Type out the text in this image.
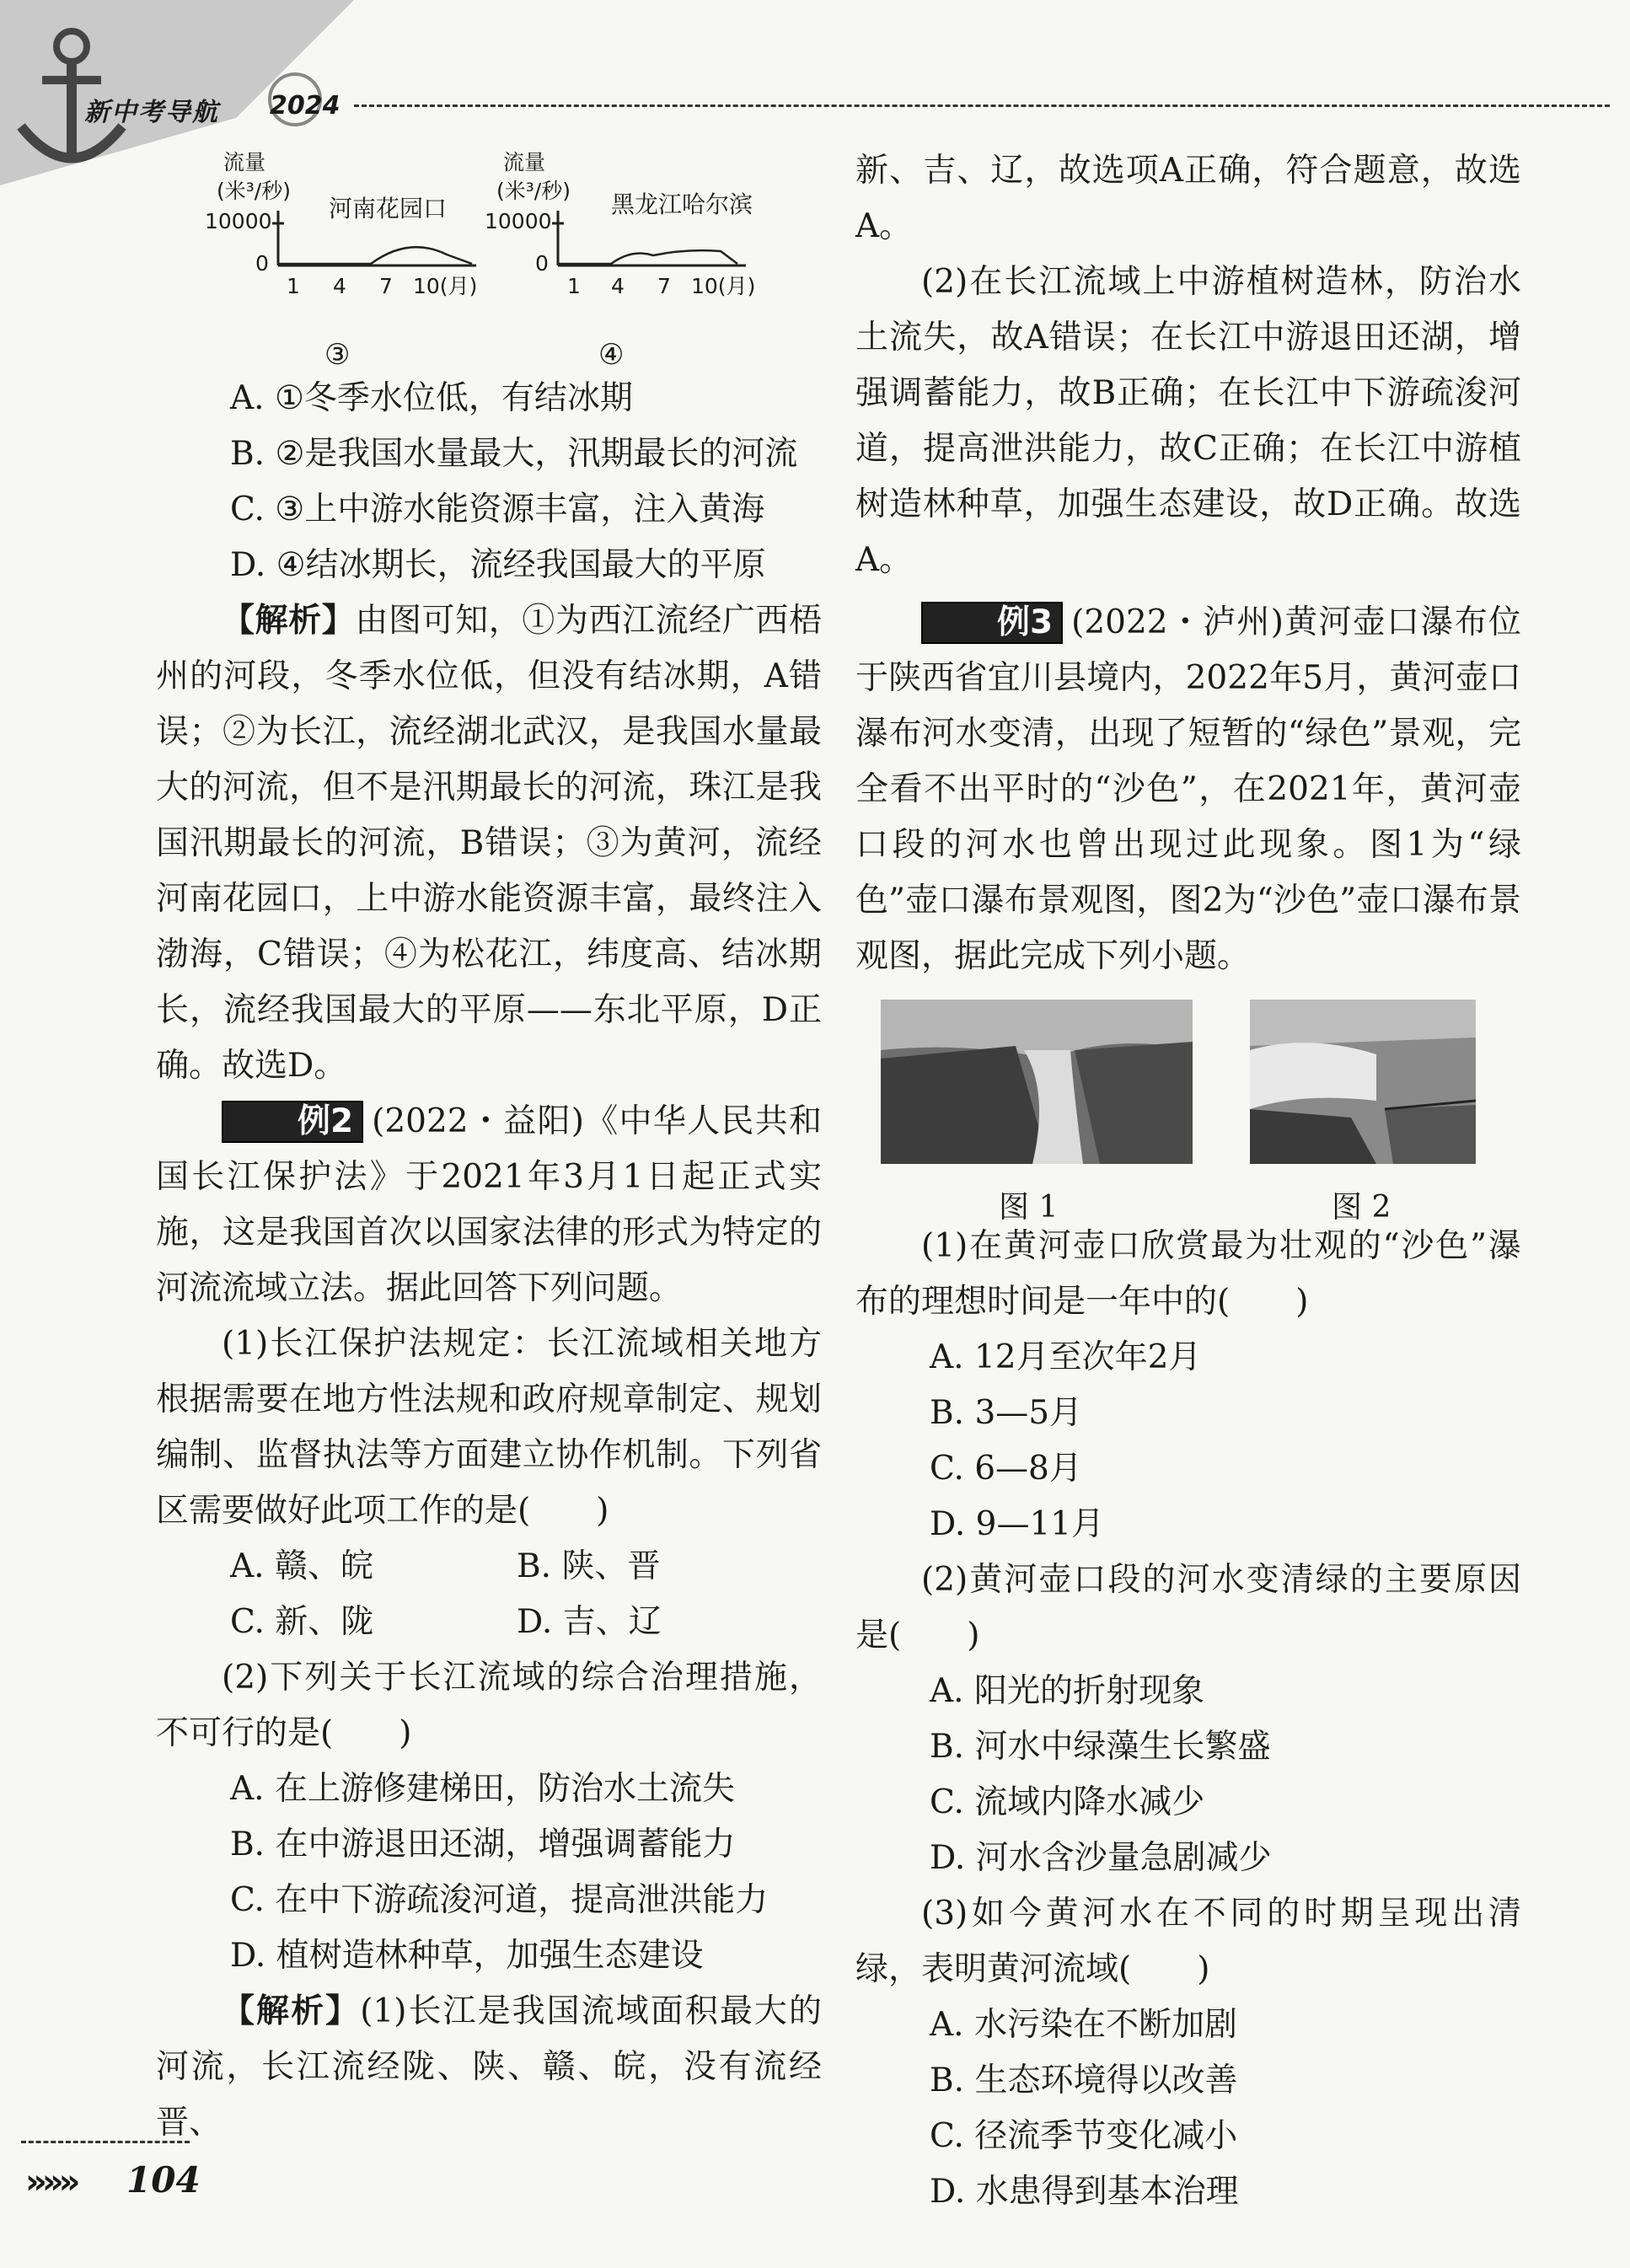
新中考导航 2024
流量
(米³/秒)
河南花园口
10000
0
1 4 7 10(月)
③
流量
(米³/秒) 黑龙江哈尔滨
10000
0
1 4 7 10(月)
④

A. ①冬季水位低，有结冰期

B. ②是我国水量最大，汛期最长的河流

C. ③上中游水能资源丰富，注入黄海

D. ④结冰期长，流经我国最大的平原

【解析】由图可知，①为西江流经广西梧州的河段，冬季水位低，但没有结冰期，A错误；②为长江，流经湖北武汉，是我国水量最大的河流，但不是汛期最长的河流，珠江是我国汛期最长的河流，B错误；③为黄河，流经河南花园口，上中游水能资源丰富，最终注入渤海，C错误；④为松花江，纬度高、结冰期长，流经我国最大的平原——东北平原，D正确。故选D。

例2 (2022・益阳)《中华人民共和国长江保护法》于2021年3月1日起正式实施，这是我国首次以国家法律的形式为特定的河流流域立法。据此回答下列问题。

(1)长江保护法规定：长江流域相关地方根据需要在地方性法规和政府规章制定、规划编制、监督执法等方面建立协作机制。下列省区需要做好此项工作的是(　　)

A. 赣、皖	B. 陕、晋
C. 新、陇	D. 吉、辽

(2)下列关于长江流域的综合治理措施，不可行的是(　　)

A. 在上游修建梯田，防治水土流失

B. 在中游退田还湖，增强调蓄能力

C. 在中下游疏浚河道，提高泄洪能力

D. 植树造林种草，加强生态建设

【解析】(1)长江是我国流域面积最大的河流，长江流经陇、陕、赣、皖，没有流经晋、

新、吉、辽，故选项A正确，符合题意，故选A。

(2)在长江流域上中游植树造林，防治水土流失，故A错误；在长江中游退田还湖，增强调蓄能力，故B正确；在长江中下游疏浚河道，提高泄洪能力，故C正确；在长江中游植树造林种草，加强生态建设，故D正确。故选A。

例3 (2022・泸州)黄河壶口瀑布位于陕西省宜川县境内，2022年5月，黄河壶口瀑布河水变清，出现了短暂的“绿色”景观，完全看不出平时的“沙色”，在2021年，黄河壶口段的河水也曾出现过此现象。图1为“绿色”壶口瀑布景观图，图2为“沙色”壶口瀑布景观图，据此完成下列小题。

图 1	图 2

(1)在黄河壶口欣赏最为壮观的“沙色”瀑布的理想时间是一年中的(　　)

A. 12月至次年2月

B. 3—5月

C. 6—8月

D. 9—11月

(2)黄河壶口段的河水变清绿的主要原因是(　　)

A. 阳光的折射现象

B. 河水中绿藻生长繁盛

C. 流域内降水减少

D. 河水含沙量急剧减少

(3)如今黄河水在不同的时期呈现出清绿，表明黄河流域(　　)

A. 水污染在不断加剧

B. 生态环境得以改善

C. 径流季节变化减小

D. 水患得到基本治理

»»» 104
